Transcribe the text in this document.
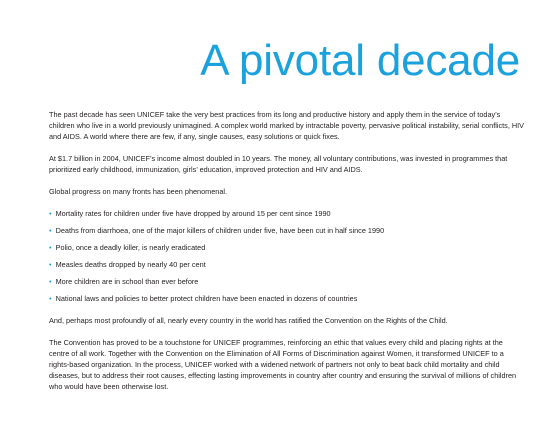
A pivotal decade

The past decade has seen UNICEF take the very best practices from its long and productive history and apply them in the service of today’s children who live in a world previously unimagined. A complex world marked by intractable poverty, pervasive political instability, serial conflicts, HIV and AIDS. A world where there are few, if any, single causes, easy solutions or quick fixes.

At $1.7 billion in 2004, UNICEF’s income almost doubled in 10 years. The money, all voluntary contributions, was invested in programmes that prioritized early childhood, immunization, girls’ education, improved protection and HIV and AIDS.

Global progress on many fronts has been phenomenal.

• Mortality rates for children under five have dropped by around 15 per cent since 1990
• Deaths from diarrhoea, one of the major killers of children under five, have been cut in half since 1990
• Polio, once a deadly killer, is nearly eradicated
• Measles deaths dropped by nearly 40 per cent
• More children are in school than ever before
• National laws and policies to better protect children have been enacted in dozens of countries

And, perhaps most profoundly of all, nearly every country in the world has ratified the Convention on the Rights of the Child.

The Convention has proved to be a touchstone for UNICEF programmes, reinforcing an ethic that values every child and placing rights at the centre of all work. Together with the Convention on the Elimination of All Forms of Discrimination against Women, it transformed UNICEF to a rights-based organization. In the process, UNICEF worked with a widened network of partners not only to beat back child mortality and child diseases, but to address their root causes, effecting lasting improvements in country after country and ensuring the survival of millions of children who would have been otherwise lost.
